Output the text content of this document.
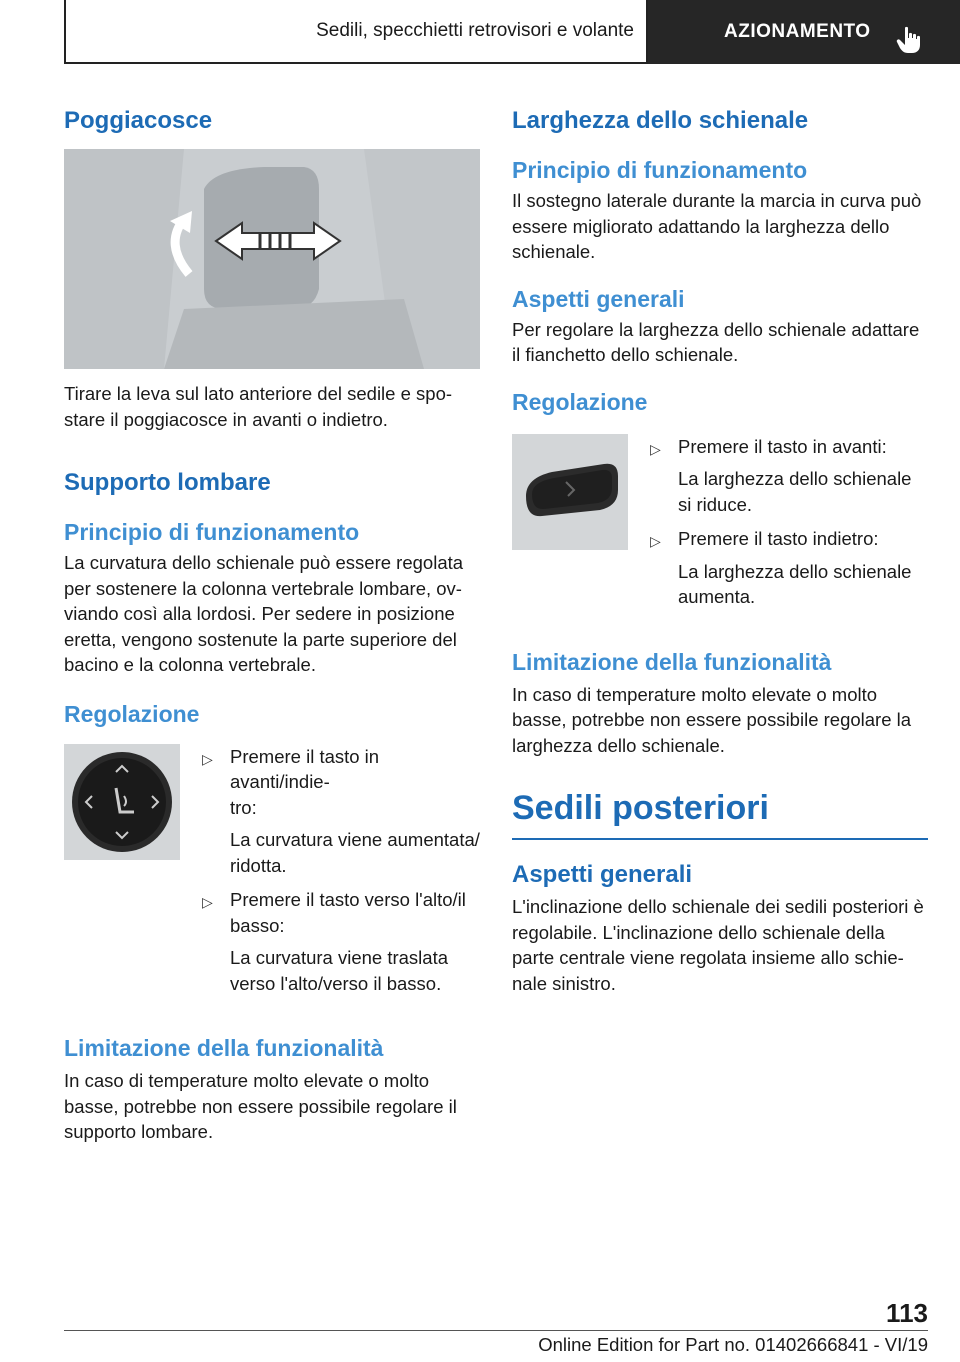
Sedili, specchietti retrovisori e volante	AZIONAMENTO
Poggiacosce

Tirare la leva sul lato anteriore del sedile e spo-
stare il poggiacosce in avanti o indietro.

Supporto lombare
Principio di funzionamento

La curvatura dello schienale può essere regolata per sostenere la colonna vertebrale lombare, ov-
viando così alla lordosi. Per sedere in posizione eretta, vengono sostenute la parte superiore del bacino e la colonna vertebrale.

Regolazione
▷ Premere il tasto in avanti/indie-
tro:
La curvatura viene aumentata/
ridotta.
▷ Premere il tasto verso l'alto/il basso:
La curvatura viene traslata verso l'alto/verso il basso.
Limitazione della funzionalità

In caso di temperature molto elevate o molto basse, potrebbe non essere possibile regolare il supporto lombare.

Larghezza dello schienale
Principio di funzionamento

Il sostegno laterale durante la marcia in curva può essere migliorato adattando la larghezza dello schienale.

Aspetti generali

Per regolare la larghezza dello schienale adattare il fianchetto dello schienale.

Regolazione
▷ Premere il tasto in avanti:
La larghezza dello schienale si riduce.
▷ Premere il tasto indietro:
La larghezza dello schienale aumenta.
Limitazione della funzionalità

In caso di temperature molto elevate o molto basse, potrebbe non essere possibile regolare la larghezza dello schienale.

Sedili posteriori
Aspetti generali

L'inclinazione dello schienale dei sedili posteriori è regolabile. L'inclinazione dello schienale della parte centrale viene regolata insieme allo schie-
nale sinistro.

113
Online Edition for Part no. 01402666841 - VI/19
